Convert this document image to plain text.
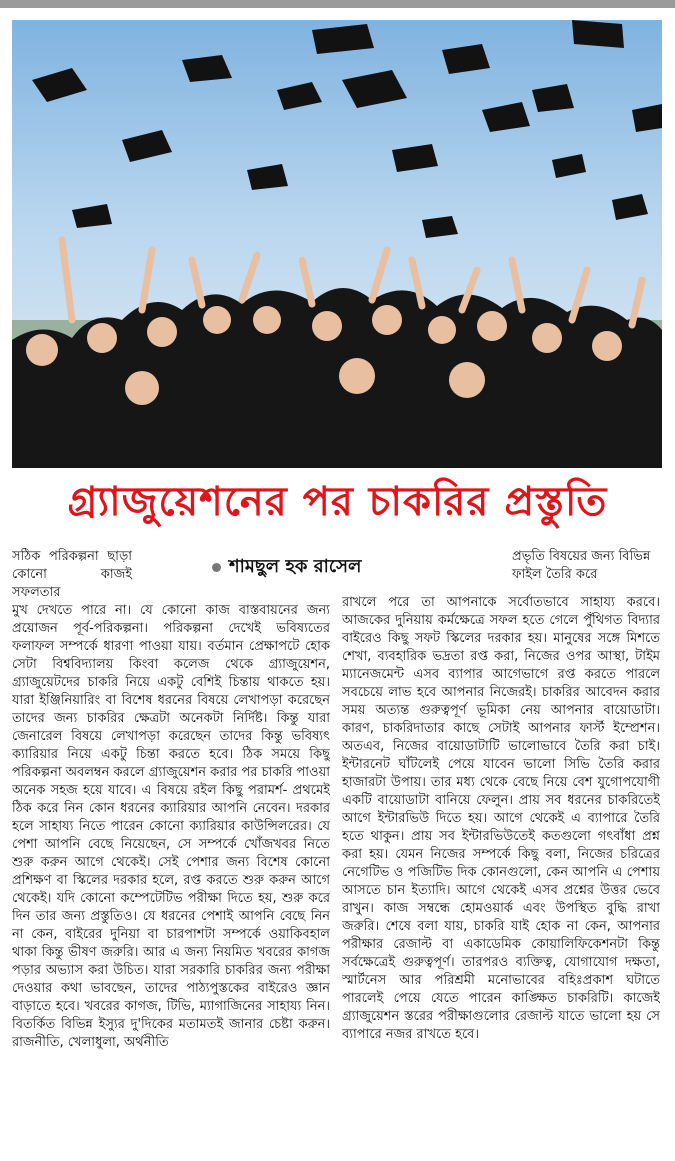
গ্র্যাজুয়েশনের পর চাকরির প্রস্তুতি

সঠিক পরিকল্পনা ছাড়া কোনো কাজই সফলতার

মুখ দেখতে পারে না। যে কোনো কাজ বাস্তবায়নের জন্য প্রয়োজন পূর্ব-পরিকল্পনা। পরিকল্পনা দেখেই ভবিষ্যতের ফলাফল সম্পর্কে ধারণা পাওয়া যায়। বর্তমান প্রেক্ষাপটে হোক সেটা বিশ্ববিদ্যালয় কিংবা কলেজ থেকে গ্র্যাজুয়েশন, গ্র্যাজুয়েটদের চাকরি নিয়ে একটু বেশিই চিন্তায় থাকতে হয়। যারা ইঞ্জিনিয়ারিং বা বিশেষ ধরনের বিষয়ে লেখাপড়া করেছেন তাদের জন্য চাকরির ক্ষেত্রটা অনেকটা নির্দিষ্ট। কিন্তু যারা জেনারেল বিষয়ে লেখাপড়া করেছেন তাদের কিন্তু ভবিষ্যৎ ক্যারিয়ার নিয়ে একটু চিন্তা করতে হবে। ঠিক সময়ে কিছু পরিকল্পনা অবলম্বন করলে গ্র্যাজুয়েশন করার পর চাকরি পাওয়া অনেক সহজ হয়ে যাবে। এ বিষয়ে রইল কিছু পরামর্শ- প্রথমেই ঠিক করে নিন কোন ধরনের ক্যারিয়ার আপনি নেবেন। দরকার হলে সাহায্য নিতে পারেন কোনো ক্যারিয়ার কাউন্সিলরের। যে পেশা আপনি বেছে নিয়েছেন, সে সম্পর্কে খোঁজখবর নিতে শুরু করুন আগে থেকেই। সেই পেশার জন্য বিশেষ কোনো প্রশিক্ষণ বা স্কিলের দরকার হলে, রপ্ত করতে শুরু করুন আগে থেকেই। যদি কোনো কম্পেটেটিভ পরীক্ষা দিতে হয়, শুরু করে দিন তার জন্য প্রস্তুতিও। যে ধরনের পেশাই আপনি বেছে নিন না কেন, বাইরের দুনিয়া বা চারপাশটা সম্পর্কে ওয়াকিবহাল থাকা কিন্তু ভীষণ জরুরি। আর এ জন্য নিয়মিত খবরের কাগজ পড়ার অভ্যাস করা উচিত। যারা সরকারি চাকরির জন্য পরীক্ষা দেওয়ার কথা ভাবছেন, তাদের পাঠ্যপুস্তকের বাইরেও জ্ঞান বাড়াতে হবে। খবরের কাগজ, টিভি, ম্যাগাজিনের সাহায্য নিন। বিতর্কিত বিভিন্ন ইস্যুর দু'দিকের মতামতই জানার চেষ্টা করুন। রাজনীতি, খেলাধুলা, অর্থনীতি

শামছুল হক রাসেল	প্রভৃতি বিষয়ের জন্য বিভিন্ন ফাইল তৈরি করে

রাখলে পরে তা আপনাকে সর্বোতভাবে সাহায্য করবে। আজকের দুনিয়ায় কর্মক্ষেত্রে সফল হতে গেলে পুঁথিগত বিদ্যার বাইরেও কিছু সফট স্কিলের দরকার হয়। মানুষের সঙ্গে মিশতে শেখা, ব্যবহারিক ভদ্রতা রপ্ত করা, নিজের ওপর আস্থা, টাইম ম্যানেজমেন্ট এসব ব্যাপার আগেভাগে রপ্ত করতে পারলে সবচেয়ে লাভ হবে আপনার নিজেরই। চাকরির আবেদন করার সময় অত্যন্ত গুরুত্বপূর্ণ ভূমিকা নেয় আপনার বায়োডাটা। কারণ, চাকরিদাতার কাছে সেটাই আপনার ফার্স্ট ইম্প্রেশন। অতএব, নিজের বায়োডাটাটি ভালোভাবে তৈরি করা চাই। ইন্টারনেট ঘাঁটলেই পেয়ে যাবেন ভালো সিভি তৈরি করার হাজারটা উপায়। তার মধ্য থেকে বেছে নিয়ে বেশ যুগোপযোগী একটি বায়োডাটা বানিয়ে ফেলুন। প্রায় সব ধরনের চাকরিতেই আগে ইন্টারভিউ দিতে হয়। আগে থেকেই এ ব্যাপারে তৈরি হতে থাকুন। প্রায় সব ইন্টারভিউতেই কতগুলো গৎবাঁধা প্রশ্ন করা হয়। যেমন নিজের সম্পর্কে কিছু বলা, নিজের চরিত্রের নেগেটিভ ও পজিটিভ দিক কোনগুলো, কেন আপনি এ পেশায় আসতে চান ইত্যাদি। আগে থেকেই এসব প্রশ্নের উত্তর ভেবে রাখুন। কাজ সম্বন্ধে হোমওয়ার্ক এবং উপস্থিত বুদ্ধি রাখা জরুরি। শেষে বলা যায়, চাকরি যাই হোক না কেন, আপনার পরীক্ষার রেজাল্ট বা একাডেমিক কোয়ালিফিকেশনটা কিন্তু সর্বক্ষেত্রেই গুরুত্বপূর্ণ। তারপরও ব্যক্তিত্ব, যোগাযোগ দক্ষতা, স্মার্টনেস আর পরিশ্রমী মনোভাবের বহিঃপ্রকাশ ঘটাতে পারলেই পেয়ে যেতে পারেন কাঙ্ক্ষিত চাকরিটি। কাজেই গ্র্যাজুয়েশন স্তরের পরীক্ষাগুলোর রেজাল্ট যাতে ভালো হয় সে ব্যাপারে নজর রাখতে হবে।
